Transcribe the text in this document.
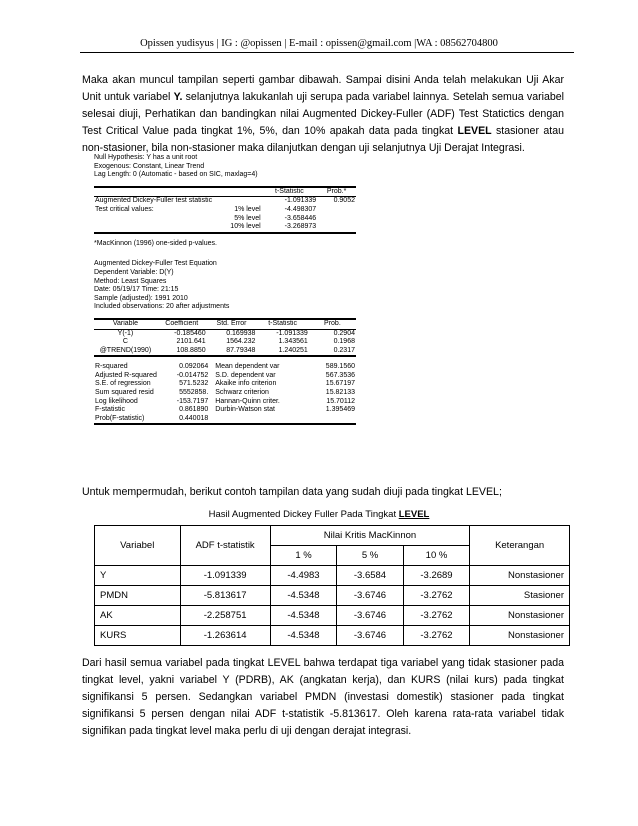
Opissen yudisyus | IG : @opissen | E-mail : opissen@gmail.com |WA : 08562704800
Maka akan muncul tampilan seperti gambar dibawah. Sampai disini Anda telah melakukan Uji Akar Unit untuk variabel Y. selanjutnya lakukanlah uji serupa pada variabel lainnya. Setelah semua variabel selesai diuji, Perhatikan dan bandingkan nilai Augmented Dickey-Fuller (ADF) Test Statictics dengan Test Critical Value pada tingkat 1%, 5%, dan 10% apakah data pada tingkat LEVEL stasioner atau non-stasioner, bila non-stasioner maka dilanjutkan dengan uji selanjutnya Uji Derajat Integrasi.
Null Hypothesis: Y has a unit root
Exogenous: Constant, Linear Trend
Lag Length: 0 (Automatic - based on SIC, maxlag=4)
		t-Statistic	Prob.*
Augmented Dickey-Fuller test statistic		-1.091339	0.9052
Test critical values:	1% level	-4.498307	
	5% level	-3.658446	
	10% level	-3.268973	
*MacKinnon (1996) one-sided p-values.
Augmented Dickey-Fuller Test Equation
Dependent Variable: D(Y)
Method: Least Squares
Date: 05/19/17 Time: 21:15
Sample (adjusted): 1991 2010
Included observations: 20 after adjustments
Variable	Coefficient	Std. Error	t-Statistic	Prob.
Y(-1)	-0.185460	0.169938	-1.091339	0.2904
C	2101.641	1564.232	1.343561	0.1968
@TREND(1990)	108.8850	87.79348	1.240251	0.2317
R-squared	0.092064	Mean dependent var	589.1560
Adjusted R-squared	-0.014752	S.D. dependent var	567.3536
S.E. of regression	571.5232	Akaike info criterion	15.67197
Sum squared resid	5552858.	Schwarz criterion	15.82133
Log likelihood	-153.7197	Hannan-Quinn criter.	15.70112
F-statistic	0.861890	Durbin-Watson stat	1.395469
Prob(F-statistic)	0.440018		
Untuk mempermudah, berikut contoh tampilan data yang sudah diuji pada tingkat LEVEL;
Hasil Augmented Dickey Fuller Pada Tingkat LEVEL
Variabel	ADF t-statistik	Nilai Kritis MacKinnon			Keterangan
		1 %	5 %	10 %	
Y	-1.091339	-4.4983	-3.6584	-3.2689	Nonstasioner
PMDN	-5.813617	-4.5348	-3.6746	-3.2762	Stasioner
AK	-2.258751	-4.5348	-3.6746	-3.2762	Nonstasioner
KURS	-1.263614	-4.5348	-3.6746	-3.2762	Nonstasioner
Dari hasil semua variabel pada tingkat LEVEL bahwa terdapat tiga variabel yang tidak stasioner pada tingkat level, yakni variabel Y (PDRB), AK (angkatan kerja), dan KURS (nilai kurs) pada tingkat signifikansi 5 persen. Sedangkan variabel PMDN (investasi domestik) stasioner pada tingkat signifikansi 5 persen dengan nilai ADF t-statistik -5.813617. Oleh karena rata-rata variabel tidak signifikan pada tingkat level maka perlu di uji dengan derajat integrasi.
